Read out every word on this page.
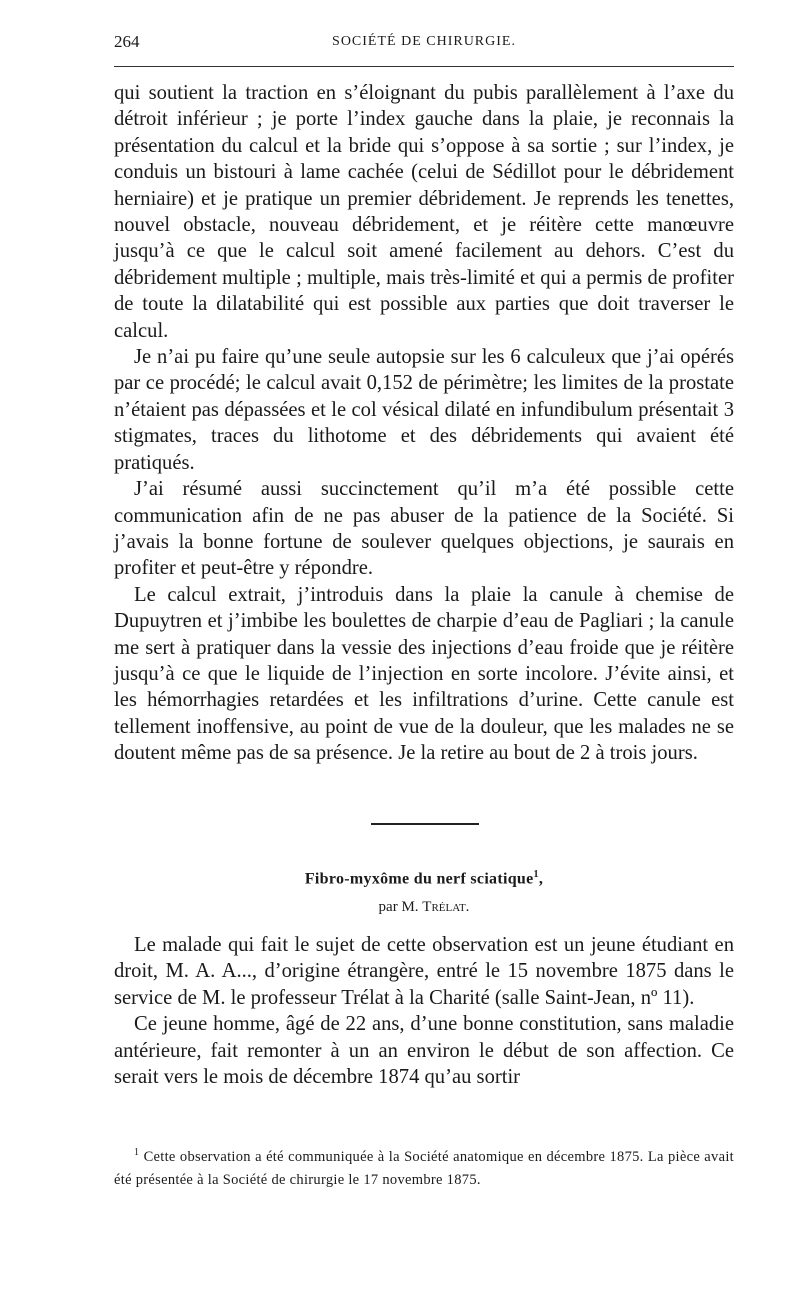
264	SOCIÉTÉ DE CHIRURGIE.

qui soutient la traction en s’éloignant du pubis parallèlement à l’axe du détroit inférieur ; je porte l’index gauche dans la plaie, je reconnais la présentation du calcul et la bride qui s’oppose à sa sortie ; sur l’index, je conduis un bistouri à lame cachée (celui de Sédillot pour le débridement herniaire) et je pratique un premier débridement. Je reprends les tenettes, nouvel obstacle, nouveau débridement, et je réitère cette manœuvre jusqu’à ce que le calcul soit amené facilement au dehors. C’est du débridement multiple ; multiple, mais très-limité et qui a permis de profiter de toute la dilatabilité qui est possible aux parties que doit traverser le calcul.

Je n’ai pu faire qu’une seule autopsie sur les 6 calculeux que j’ai opérés par ce procédé; le calcul avait 0,152 de périmètre; les limites de la prostate n’étaient pas dépassées et le col vésical dilaté en infundibulum présentait 3 stigmates, traces du lithotome et des débridements qui avaient été pratiqués.

J’ai résumé aussi succinctement qu’il m’a été possible cette communication afin de ne pas abuser de la patience de la Société. Si j’avais la bonne fortune de soulever quelques objections, je saurais en profiter et peut-être y répondre.

Le calcul extrait, j’introduis dans la plaie la canule à chemise de Dupuytren et j’imbibe les boulettes de charpie d’eau de Pagliari ; la canule me sert à pratiquer dans la vessie des injections d’eau froide que je réitère jusqu’à ce que le liquide de l’injection en sorte incolore. J’évite ainsi, et les hémorrhagies retardées et les infiltrations d’urine. Cette canule est tellement inoffensive, au point de vue de la douleur, que les malades ne se doutent même pas de sa présence. Je la retire au bout de 2 à trois jours.

Fibro-myxôme du nerf sciatique$^1$,
par M. Trélat.

Le malade qui fait le sujet de cette observation est un jeune étudiant en droit, M. A. A..., d’origine étrangère, entré le 15 novembre 1875 dans le service de M. le professeur Trélat à la Charité (salle Saint-Jean, nº 11).

Ce jeune homme, âgé de 22 ans, d’une bonne constitution, sans maladie antérieure, fait remonter à un an environ le début de son affection. Ce serait vers le mois de décembre 1874 qu’au sortir

$^1$ Cette observation a été communiquée à la Société anatomique en décembre 1875. La pièce avait été présentée à la Société de chirurgie le 17 novembre 1875.
